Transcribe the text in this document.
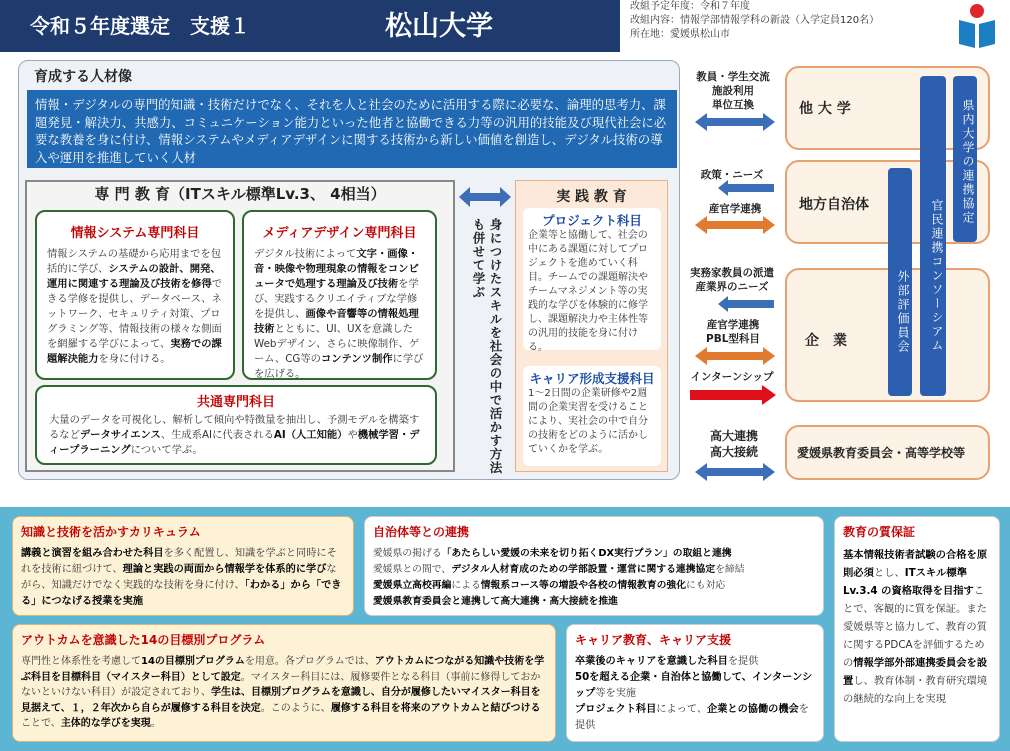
令和５年度選定　支援１	松山大学
改組予定年度：令和７年度
改組内容：情報学部情報学科の新設（入学定員120名）
所在地：愛媛県松山市
育成する人材像
情報・デジタルの専門的知識・技術だけでなく、それを人と社会のために活用する際に必要な、論理的思考力、課題発見・解決力、共感力、コミュニケーション能力といった他者と協働できる力等の汎用的技能及び現代社会に必要な教養を身に付け、情報システムやメディアデザインに関する技術から新しい価値を創造し、デジタル技術の導入や運用を推進していく人材
専 門 教 育（ITスキル標準Lv.3、 4相当）
情報システム専門科目
情報システムの基礎から応用までを包括的に学び、システムの設計、開発、運用に関連する理論及び技術を修得できる学修を提供し、データベース、ネットワーク、セキュリティ対策、プログラミング等、情報技術の様々な側面を網羅する学びによって、実務での課題解決能力を身に付ける。
メディアデザイン専門科目
デジタル技術によって文字・画像・音・映像や物理現象の情報をコンピュータで処理する理論及び技術を学び、実践するクリエイティブな学修を提供し、画像や音響等の情報処理技術とともに、UI、UXを意識したWebデザイン、さらに映像制作、ゲーム、CG等のコンテンツ制作に学びを広げる。
共通専門科目
大量のデータを可視化し、解析して傾向や特徴量を抽出し、予測モデルを構築するなどデータサイエンス、生成系AIに代表されるAI（人工知能）や機械学習・ディープラーニングについて学ぶ。	身につけたスキルを社会の中で活かす方法も併せて学ぶ
実 践 教 育
プロジェクト科目
企業等と協働して、社会の中にある課題に対してプロジェクトを進めていく科目。チームでの課題解決やチームマネジメント等の実践的な学びを体験的に修学し、課題解決力や主体性等の汎用的技能を身に付ける。
キャリア形成支援科目
1～2日間の企業研修や2週間の企業実習を受けることにより、実社会の中で自分の技術をどのように活かしていくかを学ぶ。
教員・学生交流
施設利用
単位互換
政策・ニーズ
産官学連携
実務家教員の派遣
産業界のニーズ
産官学連携
PBL型科目
インターンシップ
高大連携
高大接続
他 大 学
地方自治体
企　業
愛媛県教育委員会・高等学校等
県内大学の連携協定
官民連携コンソーシアム
外部評価員会
知識と技術を活かすカリキュラム
講義と演習を組み合わせた科目を多く配置し、知識を学ぶと同時にそれを技術に紐づけて、理論と実践の両面から情報学を体系的に学びながら、知識だけでなく実践的な技術を身に付け、「わかる」から「できる」につなげる授業を実施
自治体等との連携
愛媛県の掲げる「あたらしい愛媛の未来を切り拓くDX実行プラン」の取組と連携
愛媛県との間で、デジタル人材育成のための学部設置・運営に関する連携協定を締結
愛媛県立高校再編による情報系コース等の増設や各校の情報教育の強化にも対応
愛媛県教育委員会と連携して高大連携・高大接続を推進
教育の質保証
基本情報技術者試験の合格を原則必須とし、ITスキル標準 Lv.3.4 の資格取得を目指すことで、客観的に質を保証。また愛媛県等と協力して、教育の質に関するPDCAを評価するための情報学部外部連携委員会を設置し、教育体制・教育研究環境の継続的な向上を実現
アウトカムを意識した14の目標別プログラム
専門性と体系性を考慮して14の目標別プログラムを用意。各プログラムでは、アウトカムにつながる知識や技術を学ぶ科目を目標科目（マイスター科目）として設定。マイスター科目には、履修要件となる科目（事前に修得しておかないといけない科目）が設定されており、学生は、目標別プログラムを意識し、自分が履修したいマイスター科目を見据えて、１，２年次から自らが履修する科目を決定。このように、履修する科目を将来のアウトカムと結びつけることで、主体的な学びを実現。
キャリア教育、キャリア支援
卒業後のキャリアを意識した科目を提供
50を超える企業・自治体と協働して、インターンシップ等を実施
プロジェクト科目によって、企業との協働の機会を提供
